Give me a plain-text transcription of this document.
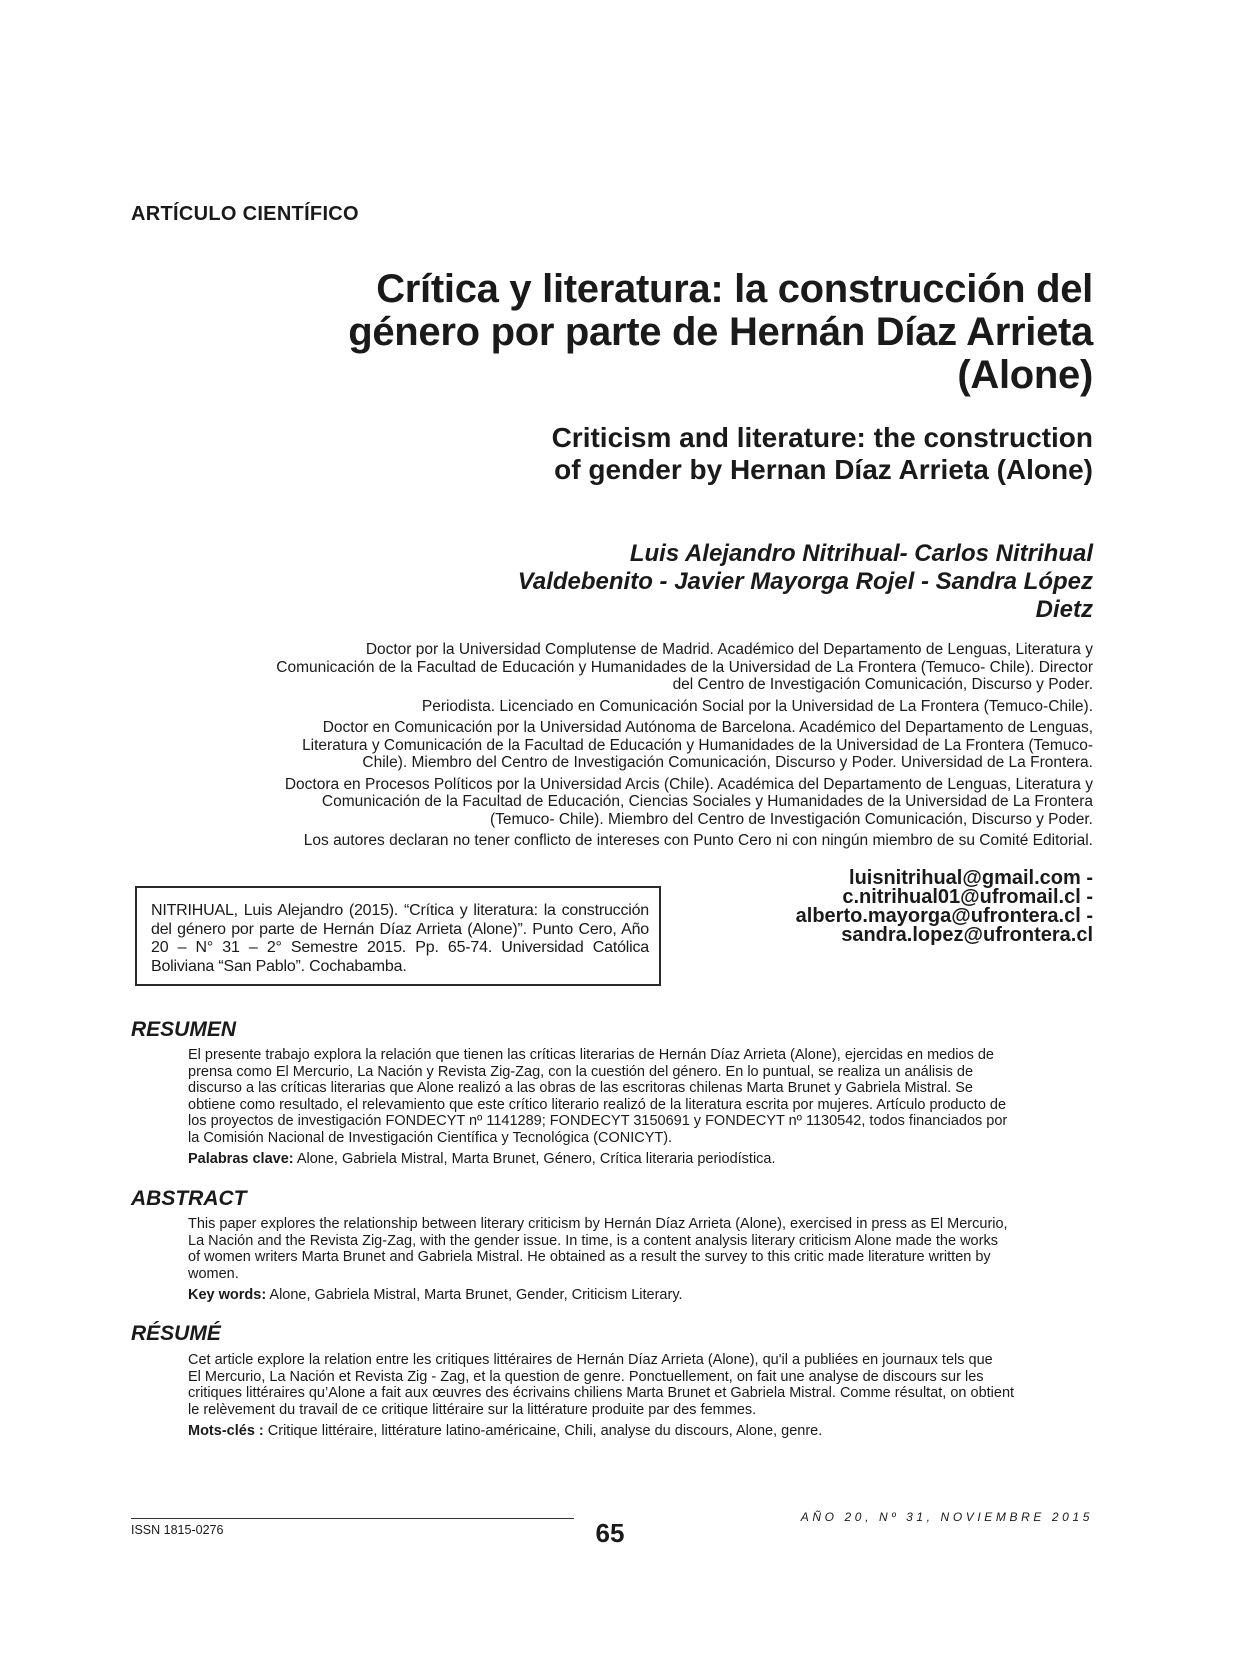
ARTÍCULO CIENTÍFICO
Crítica y literatura: la construcción del
género por parte de Hernán Díaz Arrieta
(Alone)
Criticism and literature: the construction
of gender by Hernan Díaz Arrieta (Alone)
Luis Alejandro Nitrihual- Carlos Nitrihual
Valdebenito - Javier Mayorga Rojel - Sandra López
Dietz

Doctor por la Universidad Complutense de Madrid. Académico del Departamento de Lenguas, Literatura y
Comunicación de la Facultad de Educación y Humanidades de la Universidad de La Frontera (Temuco- Chile). Director
del Centro de Investigación Comunicación, Discurso y Poder.

Periodista. Licenciado en Comunicación Social por la Universidad de La Frontera (Temuco-Chile).

Doctor en Comunicación por la Universidad Autónoma de Barcelona. Académico del Departamento de Lenguas,
Literatura y Comunicación de la Facultad de Educación y Humanidades de la Universidad de La Frontera (Temuco-
Chile). Miembro del Centro de Investigación Comunicación, Discurso y Poder. Universidad de La Frontera.

Doctora en Procesos Políticos por la Universidad Arcis (Chile). Académica del Departamento de Lenguas, Literatura y
Comunicación de la Facultad de Educación, Ciencias Sociales y Humanidades de la Universidad de La Frontera
(Temuco- Chile). Miembro del Centro de Investigación Comunicación, Discurso y Poder.

Los autores declaran no tener conflicto de intereses con Punto Cero ni con ningún miembro de su Comité Editorial.

NITRIHUAL, Luis Alejandro (2015). “Crítica y literatura: la construcción del género por parte de Hernán Díaz Arrieta (Alone)”. Punto Cero, Año 20 – N° 31 – 2° Semestre 2015. Pp. 65-74. Universidad Católica Boliviana “San Pablo”. Cochabamba.
luisnitrihual@gmail.com -
c.nitrihual01@ufromail.cl -
alberto.mayorga@ufrontera.cl -
sandra.lopez@ufrontera.cl
RESUMEN

El presente trabajo explora la relación que tienen las críticas literarias de Hernán Díaz Arrieta (Alone), ejercidas en medios de
prensa como El Mercurio, La Nación y Revista Zig-Zag, con la cuestión del género. En lo puntual, se realiza un análisis de
discurso a las críticas literarias que Alone realizó a las obras de las escritoras chilenas Marta Brunet y Gabriela Mistral. Se
obtiene como resultado, el relevamiento que este crítico literario realizó de la literatura escrita por mujeres. Artículo producto de
los proyectos de investigación FONDECYT nº 1141289; FONDECYT 3150691 y FONDECYT nº 1130542, todos financiados por
la Comisión Nacional de Investigación Científica y Tecnológica (CONICYT).

Palabras clave: Alone, Gabriela Mistral, Marta Brunet, Género, Crítica literaria periodística.

ABSTRACT

This paper explores the relationship between literary criticism by Hernán Díaz Arrieta (Alone), exercised in press as El Mercurio,
La Nación and the Revista Zig-Zag, with the gender issue. In time, is a content analysis literary criticism Alone made the works
of women writers Marta Brunet and Gabriela Mistral. He obtained as a result the survey to this critic made literature written by
women.

Key words: Alone, Gabriela Mistral, Marta Brunet, Gender, Criticism Literary.

RÉSUMÉ

Cet article explore la relation entre les critiques littéraires de Hernán Díaz Arrieta (Alone), qu'il a publiées en journaux tels que
El Mercurio, La Nación et Revista Zig - Zag, et la question de genre. Ponctuellement, on fait une analyse de discours sur les
critiques littéraires qu’Alone a fait aux œuvres des écrivains chiliens Marta Brunet et Gabriela Mistral. Comme résultat, on obtient
le relèvement du travail de ce critique littéraire sur la littérature produite par des femmes.

Mots-clés : Critique littéraire, littérature latino-américaine, Chili, analyse du discours, Alone, genre.

ISSN 1815-0276	65
AÑO 20, Nº 31, NOVIEMBRE 2015
